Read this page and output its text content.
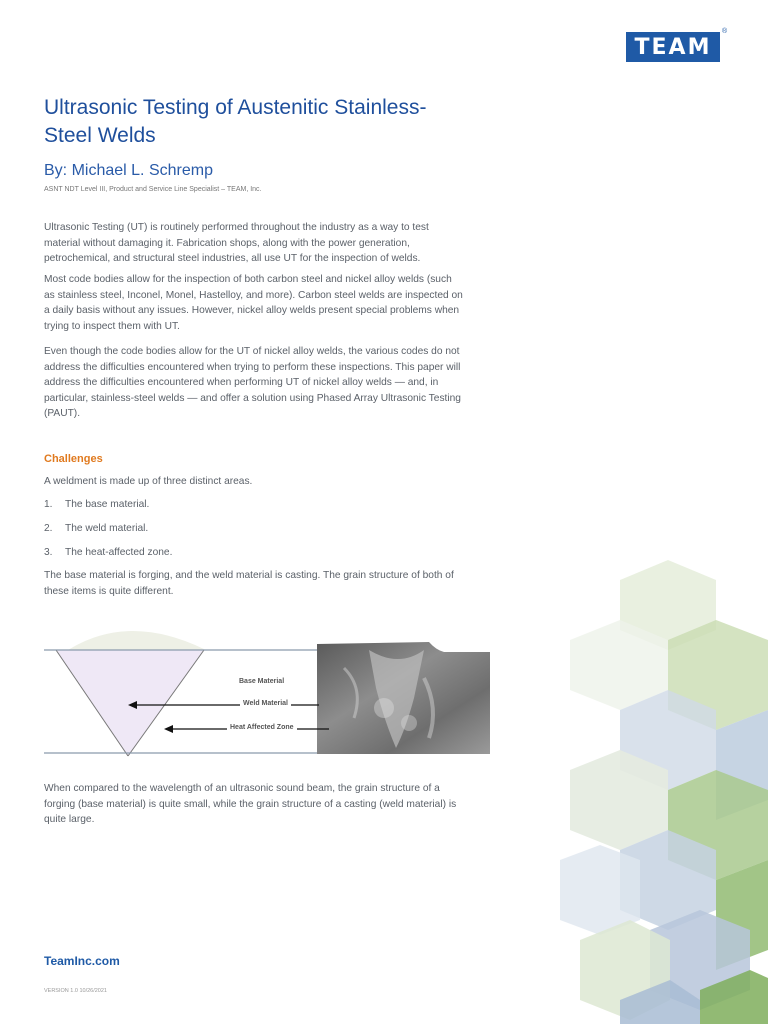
TEAM
®
Ultrasonic Testing of Austenitic Stainless-Steel Welds
By: Michael L. Schremp
ASNT NDT Level III, Product and Service Line Specialist – TEAM, Inc.

Ultrasonic Testing (UT) is routinely performed throughout the industry as a way to test material without damaging it. Fabrication shops, along with the power generation, petrochemical, and structural steel industries, all use UT for the inspection of welds.

Most code bodies allow for the inspection of both carbon steel and nickel alloy welds (such as stainless steel, Inconel, Monel, Hastelloy, and more). Carbon steel welds are inspected on a daily basis without any issues. However, nickel alloy welds present special problems when trying to inspect them with UT.

Even though the code bodies allow for the UT of nickel alloy welds, the various codes do not address the difficulties encountered when trying to perform these inspections. This paper will address the difficulties encountered when performing UT of nickel alloy welds — and, in particular, stainless-steel welds — and offer a solution using Phased Array Ultrasonic Testing (PAUT).

Challenges
A weldment is made up of three distinct areas.
1.	The base material.
2.	The weld material.
3.	The heat-affected zone.

The base material is forging, and the weld material is casting. The grain structure of both of these items is quite different.

Base Material
Weld Material
Heat Affected Zone

When compared to the wavelength of an ultrasonic sound beam, the grain structure of a forging (base material) is quite small, while the grain structure of a casting (weld material) is quite large.

TeamInc.com
VERSION 1.0 10/26/2021
